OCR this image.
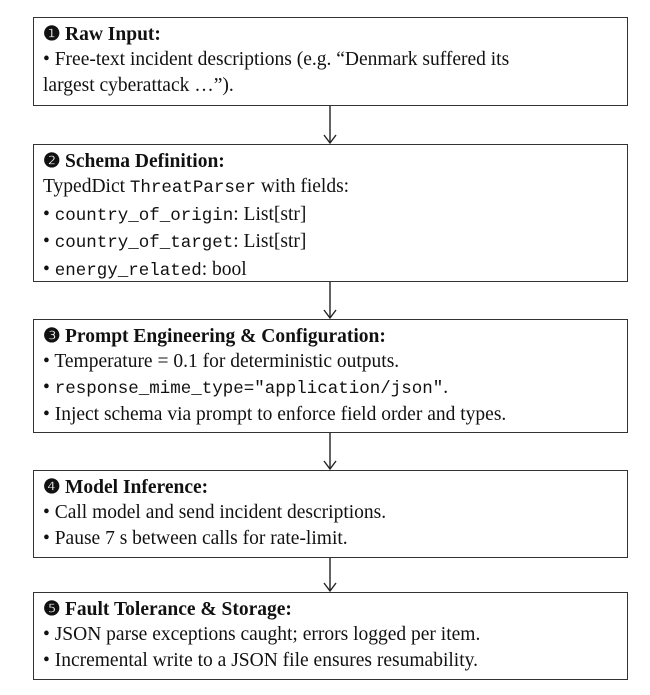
❶ Raw Input:
• Free-text incident descriptions (e.g. “Denmark suffered its
largest cyberattack …”).
❷ Schema Definition:
TypedDict ThreatParser with fields:
• country_of_origin: List[str]
• country_of_target: List[str]
• energy_related: bool
❸ Prompt Engineering & Configuration:
• Temperature = 0.1 for deterministic outputs.
• response_mime_type="application/json".
• Inject schema via prompt to enforce field order and types.
❹ Model Inference:
• Call model and send incident descriptions.
• Pause 7 s between calls for rate-limit.
❺ Fault Tolerance & Storage:
• JSON parse exceptions caught; errors logged per item.
• Incremental write to a JSON file ensures resumability.
